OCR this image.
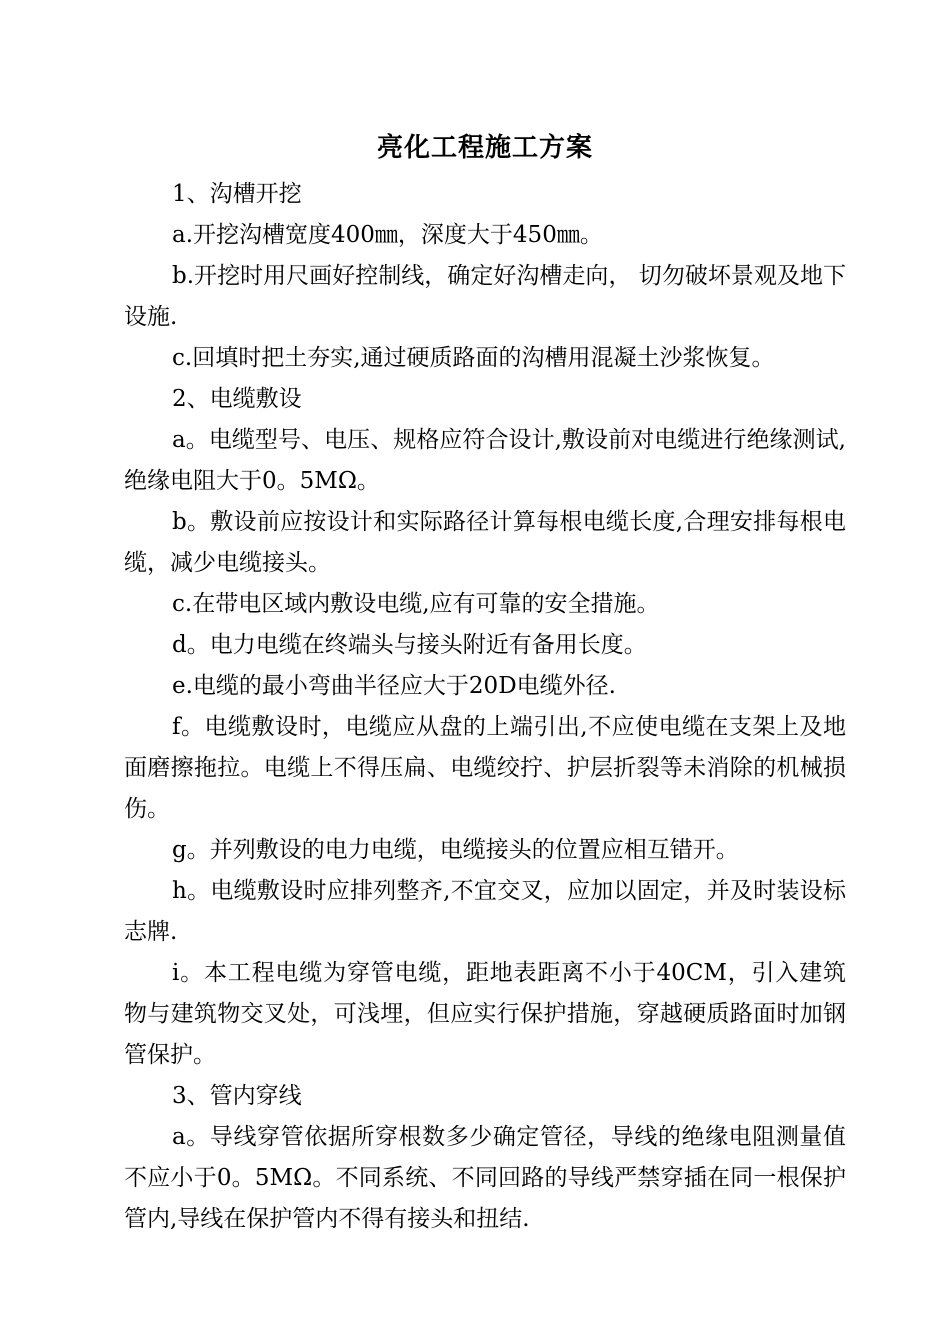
亮化工程施工方案

1、沟槽开挖

a.开挖沟槽宽度400㎜，深度大于450㎜。

b.开挖时用尺画好控制线，确定好沟槽走向， 切勿破坏景观及地下设施.

c.回填时把土夯实,通过硬质路面的沟槽用混凝土沙浆恢复。

2、电缆敷设

a。电缆型号、电压、规格应符合设计,敷设前对电缆进行绝缘测试,绝缘电阻大于0。5MΩ。

b。敷设前应按设计和实际路径计算每根电缆长度,合理安排每根电缆，减少电缆接头。

c.在带电区域内敷设电缆,应有可靠的安全措施。

d。电力电缆在终端头与接头附近有备用长度。

e.电缆的最小弯曲半径应大于20D电缆外径.

f。电缆敷设时，电缆应从盘的上端引出,不应使电缆在支架上及地面磨擦拖拉。电缆上不得压扁、电缆绞拧、护层折裂等未消除的机械损伤。

g。并列敷设的电力电缆，电缆接头的位置应相互错开。

h。电缆敷设时应排列整齐,不宜交叉，应加以固定，并及时装设标志牌.

i。本工程电缆为穿管电缆，距地表距离不小于40CM，引入建筑物与建筑物交叉处，可浅埋，但应实行保护措施，穿越硬质路面时加钢管保护。

3、管内穿线

a。导线穿管依据所穿根数多少确定管径，导线的绝缘电阻测量值不应小于0。5MΩ。不同系统、不同回路的导线严禁穿插在同一根保护管内,导线在保护管内不得有接头和扭结.
